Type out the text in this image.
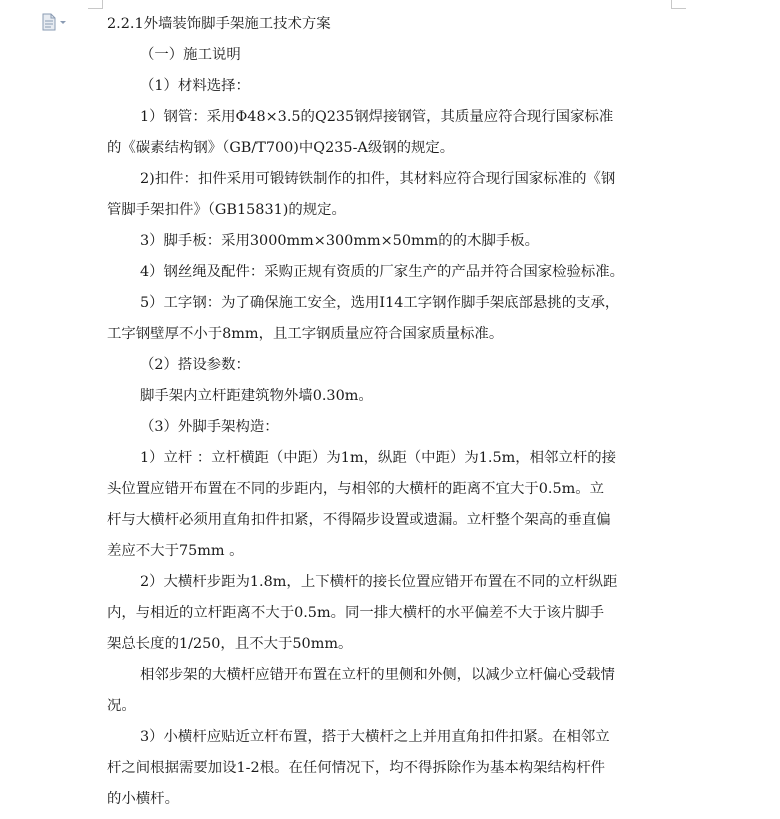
2.2.1外墙装饰脚手架施工技术方案
（一）施工说明
（1）材料选择：
1）钢管：采用Φ48×3.5的Q235钢焊接钢管，其质量应符合现行国家标准
的《碳素结构钢》（GB/T700)中Q235-A级钢的规定。
2)扣件：扣件采用可锻铸铁制作的扣件，其材料应符合现行国家标准的《钢
管脚手架扣件》（GB15831)的规定。
3）脚手板：采用3000mm×300mm×50mm的的木脚手板。
4）钢丝绳及配件：采购正规有资质的厂家生产的产品并符合国家检验标准。
5）工字钢：为了确保施工安全，选用I14工字钢作脚手架底部悬挑的支承，
工字钢壁厚不小于8mm，且工字钢质量应符合国家质量标准。
（2）搭设参数：
脚手架内立杆距建筑物外墙0.30m。
（3）外脚手架构造：
1）立杆 ：立杆横距（中距）为1m，纵距（中距）为1.5m，相邻立杆的接
头位置应错开布置在不同的步距内，与相邻的大横杆的距离不宜大于0.5m。立
杆与大横杆必须用直角扣件扣紧，不得隔步设置或遗漏。立杆整个架高的垂直偏
差应不大于75mm 。
2）大横杆步距为1.8m，上下横杆的接长位置应错开布置在不同的立杆纵距
内，与相近的立杆距离不大于0.5m。同一排大横杆的水平偏差不大于该片脚手
架总长度的1/250，且不大于50mm。
相邻步架的大横杆应错开布置在立杆的里侧和外侧，以减少立杆偏心受载情
况。
3）小横杆应贴近立杆布置，搭于大横杆之上并用直角扣件扣紧。在相邻立
杆之间根据需要加设1-2根。在任何情况下，均不得拆除作为基本构架结构杆件
的小横杆。
